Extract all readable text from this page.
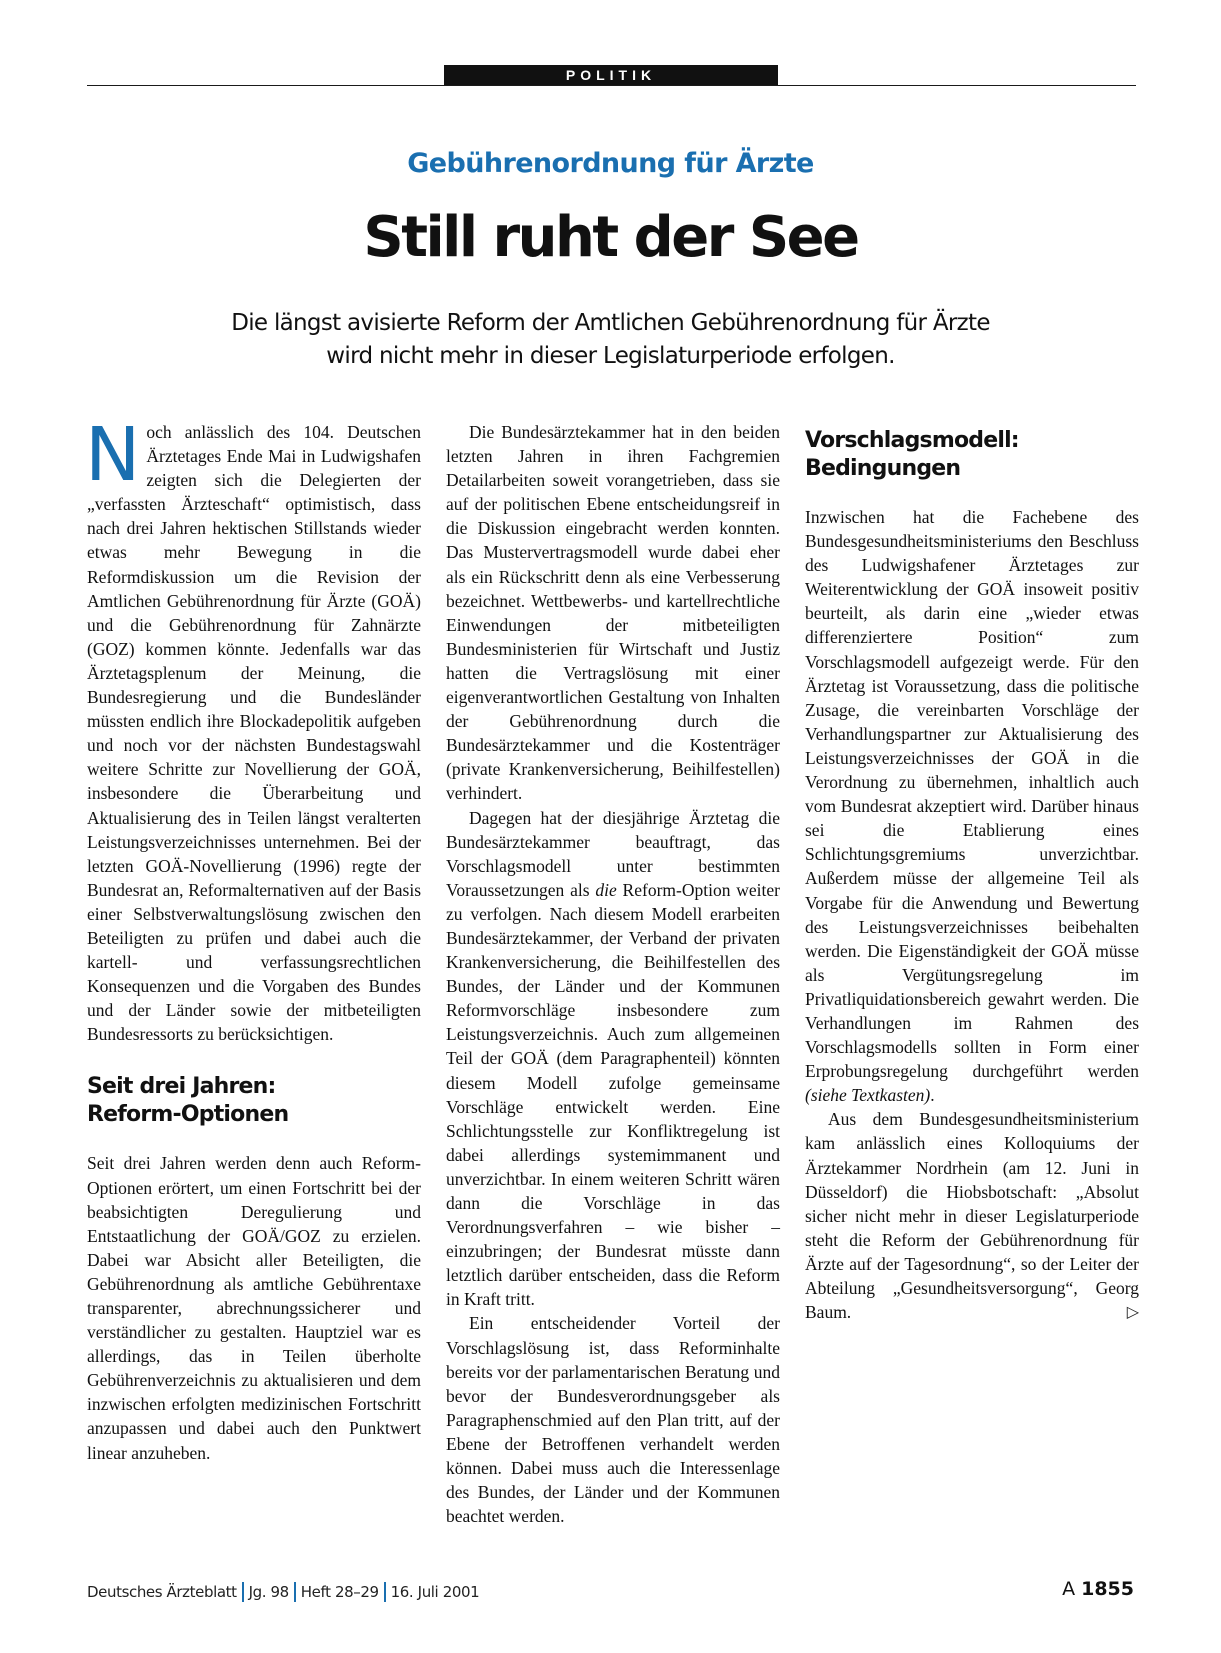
POLITIK
Gebührenordnung für Ärzte
Still ruht der See
Die längst avisierte Reform der Amtlichen Gebührenordnung für Ärzte
wird nicht mehr in dieser Legislaturperiode erfolgen.

Noch anlässlich des 104. Deutschen Ärztetages Ende Mai in Ludwigshafen zeigten sich die Delegierten der „verfassten Ärzteschaft“ optimistisch, dass nach drei Jahren hektischen Stillstands wieder etwas mehr Bewegung in die Reformdiskussion um die Revision der Amtlichen Gebührenordnung für Ärzte (GOÄ) und die Gebührenordnung für Zahnärzte (GOZ) kommen könnte. Jedenfalls war das Ärztetagsplenum der Meinung, die Bundesregierung und die Bundesländer müssten endlich ihre Blockadepolitik aufgeben und noch vor der nächsten Bundestagswahl weitere Schritte zur Novellierung der GOÄ, insbesondere die Überarbeitung und Aktualisierung des in Teilen längst veralterten Leistungsverzeichnisses unternehmen. Bei der letzten GOÄ-Novellierung (1996) regte der Bundesrat an, Reformalternativen auf der Basis einer Selbstverwaltungslösung zwischen den Beteiligten zu prüfen und dabei auch die kartell- und verfassungsrechtlichen Konsequenzen und die Vorgaben des Bundes und der Länder sowie der mitbeteiligten Bundesressorts zu berücksichtigen.

Seit drei Jahren: Reform-Optionen

Seit drei Jahren werden denn auch Reform-Optionen erörtert, um einen Fortschritt bei der beabsichtigten Deregulierung und Entstaatlichung der GOÄ/GOZ zu erzielen. Dabei war Absicht aller Beteiligten, die Gebührenordnung als amtliche Gebührentaxe transparenter, abrechnungssicherer und verständlicher zu gestalten. Hauptziel war es allerdings, das in Teilen überholte Gebührenverzeichnis zu aktualisieren und dem inzwischen erfolgten medizinischen Fortschritt anzupassen und dabei auch den Punktwert linear anzuheben.

Die Bundesärztekammer hat in den beiden letzten Jahren in ihren Fachgremien Detailarbeiten soweit vorangetrieben, dass sie auf der politischen Ebene entscheidungsreif in die Diskussion eingebracht werden konnten. Das Mustervertragsmodell wurde dabei eher als ein Rückschritt denn als eine Verbesserung bezeichnet. Wettbewerbs- und kartellrechtliche Einwendungen der mitbeteiligten Bundesministerien für Wirtschaft und Justiz hatten die Vertragslösung mit einer eigenverantwortlichen Gestaltung von Inhalten der Gebührenordnung durch die Bundesärztekammer und die Kostenträger (private Krankenversicherung, Beihilfestellen) verhindert.

Dagegen hat der diesjährige Ärztetag die Bundesärztekammer beauftragt, das Vorschlagsmodell unter bestimmten Voraussetzungen als die Reform-Option weiter zu verfolgen. Nach diesem Modell erarbeiten Bundesärztekammer, der Verband der privaten Krankenversicherung, die Beihilfestellen des Bundes, der Länder und der Kommunen Reformvorschläge insbesondere zum Leistungsverzeichnis. Auch zum allgemeinen Teil der GOÄ (dem Paragraphenteil) könnten diesem Modell zufolge gemeinsame Vorschläge entwickelt werden. Eine Schlichtungsstelle zur Konfliktregelung ist dabei allerdings systemimmanent und unverzichtbar. In einem weiteren Schritt wären dann die Vorschläge in das Verordnungsverfahren – wie bisher – einzubringen; der Bundesrat müsste dann letztlich darüber entscheiden, dass die Reform in Kraft tritt.

Ein entscheidender Vorteil der Vorschlagslösung ist, dass Reforminhalte bereits vor der parlamentarischen Beratung und bevor der Bundesverordnungsgeber als Paragraphenschmied auf den Plan tritt, auf der Ebene der Betroffenen verhandelt werden können. Dabei muss auch die Interessenlage des Bundes, der Länder und der Kommunen beachtet werden.

Vorschlagsmodell: Bedingungen

Inzwischen hat die Fachebene des Bundesgesundheitsministeriums den Beschluss des Ludwigshafener Ärztetages zur Weiterentwicklung der GOÄ insoweit positiv beurteilt, als darin eine „wieder etwas differenziertere Position“ zum Vorschlagsmodell aufgezeigt werde. Für den Ärztetag ist Voraussetzung, dass die politische Zusage, die vereinbarten Vorschläge der Verhandlungspartner zur Aktualisierung des Leistungsverzeichnisses der GOÄ in die Verordnung zu übernehmen, inhaltlich auch vom Bundesrat akzeptiert wird. Darüber hinaus sei die Etablierung eines Schlichtungsgremiums unverzichtbar. Außerdem müsse der allgemeine Teil als Vorgabe für die Anwendung und Bewertung des Leistungsverzeichnisses beibehalten werden. Die Eigenständigkeit der GOÄ müsse als Vergütungsregelung im Privatliquidationsbereich gewahrt werden. Die Verhandlungen im Rahmen des Vorschlagsmodells sollten in Form einer Erprobungsregelung durchgeführt werden (siehe Textkasten).

Aus dem Bundesgesundheitsministerium kam anlässlich eines Kolloquiums der Ärztekammer Nordrhein (am 12. Juni in Düsseldorf) die Hiobsbotschaft: „Absolut sicher nicht mehr in dieser Legislaturperiode steht die Reform der Gebührenordnung für Ärzte auf der Tagesordnung“, so der Leiter der Abteilung „Gesundheitsversorgung“, Georg Baum.	▷

Deutsches Ärzteblatt Jg. 98 Heft 28–29 16. Juli 2001	A 1855
